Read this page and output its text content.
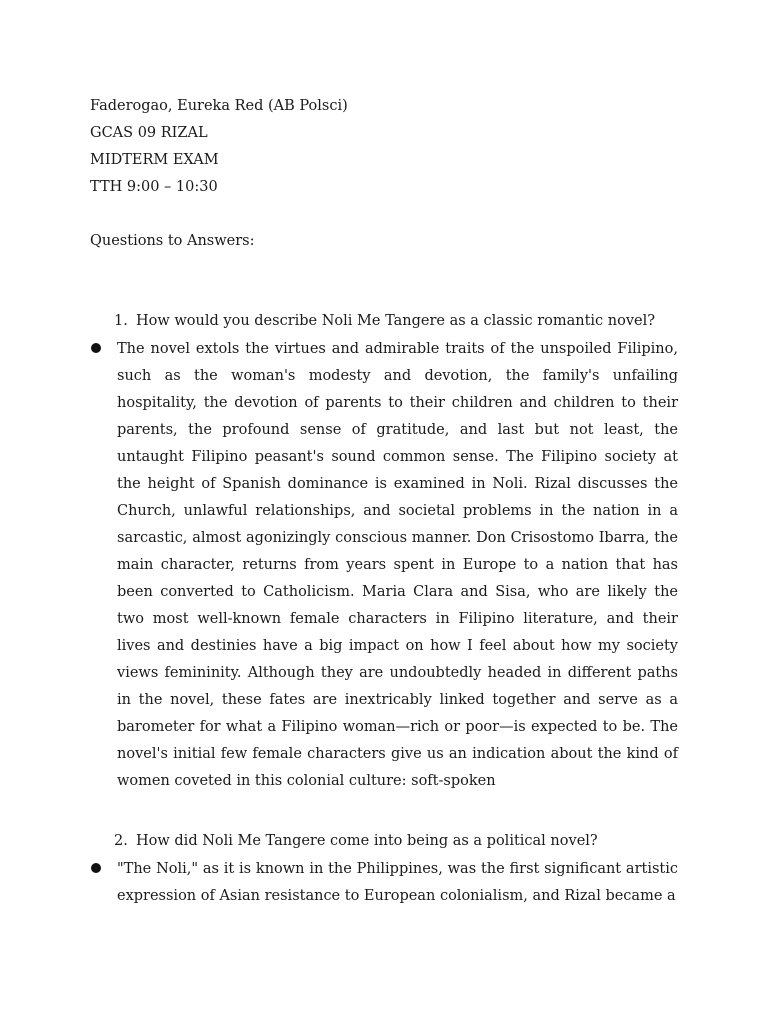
Faderogao, Eureka Red (AB Polsci)
GCAS 09 RIZAL
MIDTERM EXAM
TTH 9:00 – 10:30
Questions to Answers:
1. How would you describe Noli Me Tangere as a classic romantic novel?
The novel extols the virtues and admirable traits of the unspoiled Filipino, such as the woman's modesty and devotion, the family's unfailing hospitality, the devotion of parents to their children and children to their parents, the profound sense of gratitude, and last but not least, the untaught Filipino peasant's sound common sense. The Filipino society at the height of Spanish dominance is examined in Noli. Rizal discusses the Church, unlawful relationships, and societal problems in the nation in a sarcastic, almost agonizingly conscious manner. Don Crisostomo Ibarra, the main character, returns from years spent in Europe to a nation that has been converted to Catholicism. Maria Clara and Sisa, who are likely the two most well-known female characters in Filipino literature, and their lives and destinies have a big impact on how I feel about how my society views femininity. Although they are undoubtedly headed in different paths in the novel, these fates are inextricably linked together and serve as a barometer for what a Filipino woman—rich or poor—is expected to be. The novel's initial few female characters give us an indication about the kind of women coveted in this colonial culture: soft-spoken
2. How did Noli Me Tangere come into being as a political novel?
"The Noli," as it is known in the Philippines, was the first significant artistic expression of Asian resistance to European colonialism, and Rizal became a
